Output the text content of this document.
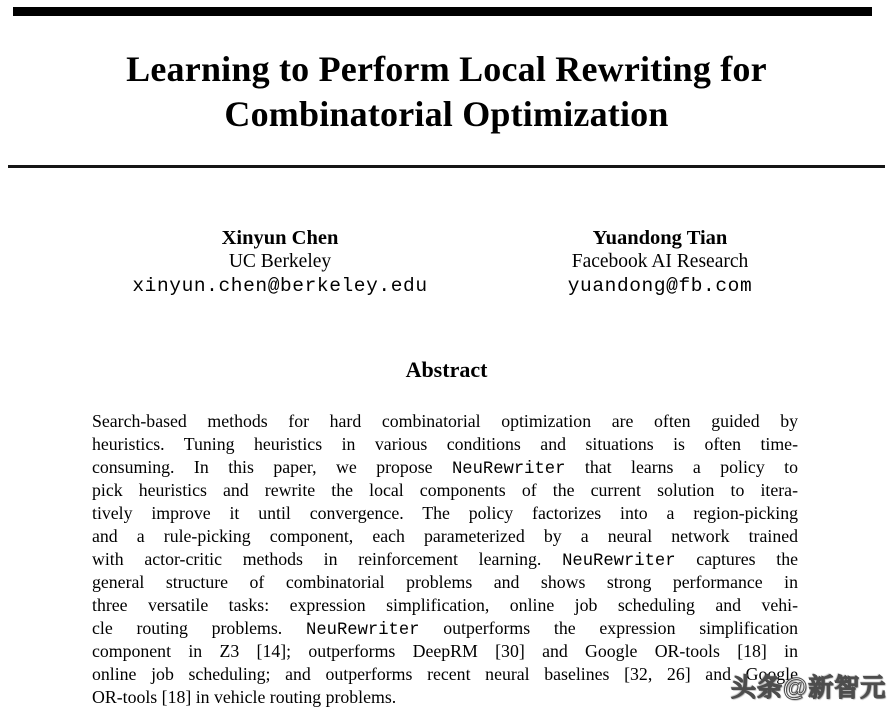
Learning to Perform Local Rewriting for
Combinatorial Optimization
Xinyun Chen
UC Berkeley
xinyun.chen@berkeley.edu
Yuandong Tian
Facebook AI Research
yuandong@fb.com
Abstract
Search-based methods for hard combinatorial optimization are often guided by
heuristics. Tuning heuristics in various conditions and situations is often time-
consuming. In this paper, we propose NeuRewriter that learns a policy to
pick heuristics and rewrite the local components of the current solution to itera-
tively improve it until convergence. The policy factorizes into a region-picking
and a rule-picking component, each parameterized by a neural network trained
with actor-critic methods in reinforcement learning. NeuRewriter captures the
general structure of combinatorial problems and shows strong performance in
three versatile tasks: expression simplification, online job scheduling and vehi-
cle routing problems. NeuRewriter outperforms the expression simplification
component in Z3 [14]; outperforms DeepRM [30] and Google OR-tools [18] in
online job scheduling; and outperforms recent neural baselines [32, 26] and Google
OR-tools [18] in vehicle routing problems.	头条@新智元
